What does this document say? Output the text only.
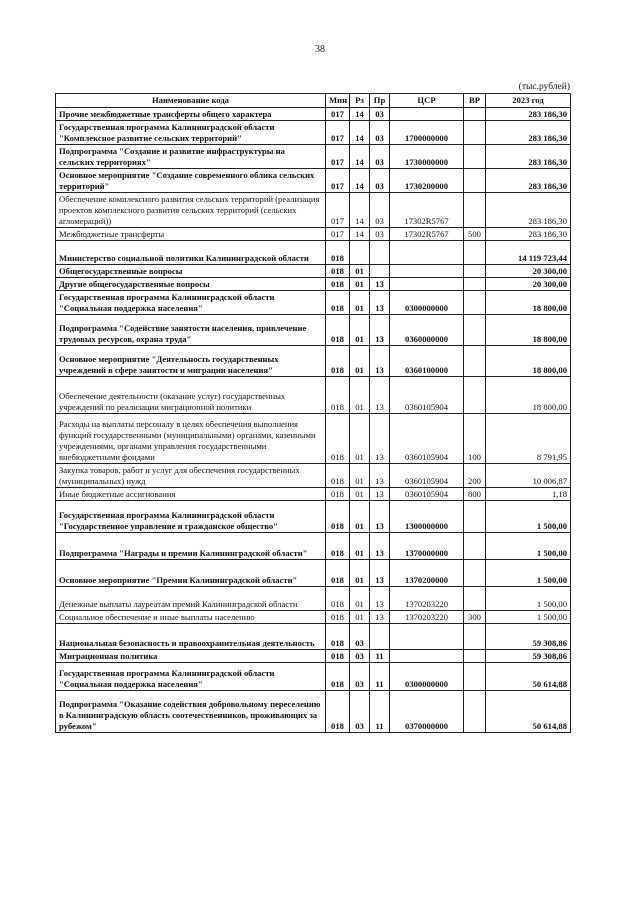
38
(тыс.рублей)
Наименование кода	Мин	Рз	Пр	ЦСР	ВР	2023 год
Прочие межбюджетные трансферты общего характера	017	14	03			283 186,30
Государственная программа Калининградской области "Комплексное развитие сельских территорий"	017	14	03	1700000000		283 186,30
Подпрограмма "Создание и развитие инфраструктуры на сельских территориях"	017	14	03	1730000000		283 186,30
Основное мероприятие "Создание современного облика сельских территорий"	017	14	03	1730200000		283 186,30
Обеспечение комплексного развития сельских территорий (реализация проектов комплексного развития сельских территорий (сельских агломераций))	017	14	03	17302R5767		283 186,30
Межбюджетные трансферты	017	14	03	17302R5767	500	283 186,30
Министерство социальной политики Калининградской области	018					14 119 723,44
Общегосударственные вопросы	018	01				20 300,00
Другие общегосударственные вопросы	018	01	13			20 300,00
Государственная программа Калининградской области "Социальная поддержка населения"	018	01	13	0300000000		18 800,00
Подпрограмма "Содействие занятости населения, привлечение трудовых ресурсов, охрана труда"	018	01	13	0360000000		18 800,00
Основное мероприятие "Деятельность государственных учреждений в сфере занятости и миграции населения"	018	01	13	0360100000		18 800,00
Обеспечение деятельности (оказание услуг) государственных учреждений по реализации миграционной политики	018	01	13	0360105904		18 800,00
Расходы на выплаты персоналу в целях обеспечения выполнения функций государственными (муниципальными) органами, казенными учреждениями, органами управления государственными внебюджетными фондами	018	01	13	0360105904	100	8 791,95
Закупка товаров, работ и услуг для обеспечения государственных (муниципальных) нужд	018	01	13	0360105904	200	10 006,87
Иные бюджетные ассигнования	018	01	13	0360105904	800	1,18
Государственная программа Калининградской области "Государственное управление и гражданское общество"	018	01	13	1300000000		1 500,00
Подпрограмма "Награды и премии Калининградской области"	018	01	13	1370000000		1 500,00
Основное мероприятие "Премии Калининградской области"	018	01	13	1370200000		1 500,00
Денежные выплаты лауреатам премий Калининградской области	018	01	13	1370203220		1 500,00
Социальное обеспечение и иные выплаты населению	018	01	13	1370203220	300	1 500,00
Национальная безопасность и правоохранительная деятельность	018	03				59 308,86
Миграционная политика	018	03	11			59 308,86
Государственная программа Калининградской области "Социальная поддержка населения"	018	03	11	0300000000		50 614,88
Подпрограмма "Оказание содействия добровольному переселению в Калининградскую область соотечественников, проживающих за рубежом"	018	03	11	0370000000		50 614,88
